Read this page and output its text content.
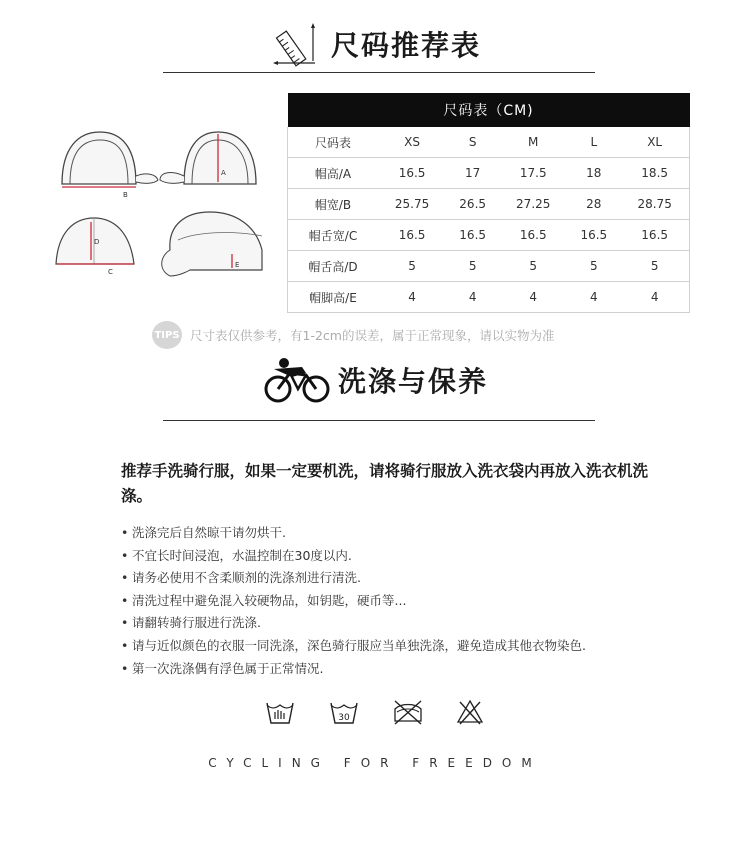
尺码推荐表
B
A
D
C
E
尺码表（CM)					
尺码表	XS	S	M	L	XL
帽高/A	16.5	17	17.5	18	18.5
帽宽/B	25.75	26.5	27.25	28	28.75
帽舌宽/C	16.5	16.5	16.5	16.5	16.5
帽舌高/D	5	5	5	5	5
帽脚高/E	4	4	4	4	4
TIPS 尺寸表仅供参考，有1-2cm的误差，属于正常现象，请以实物为准
洗涤与保养
推荐手洗骑行服，如果一定要机洗，请将骑行服放入洗衣袋内再放入洗衣机洗涤。
• 洗涤完后自然晾干请勿烘干.
• 不宜长时间浸泡，水温控制在30度以内.
• 请务必使用不含柔顺剂的洗涤剂进行清洗.
• 清洗过程中避免混入较硬物品，如钥匙，硬币等...
• 请翻转骑行服进行洗涤.
• 请与近似颜色的衣服一同洗涤，深色骑行服应当单独洗涤，避免造成其他衣物染色.
• 第一次洗涤偶有浮色属于正常情况.
30
CYCLING FOR FREEDOM
